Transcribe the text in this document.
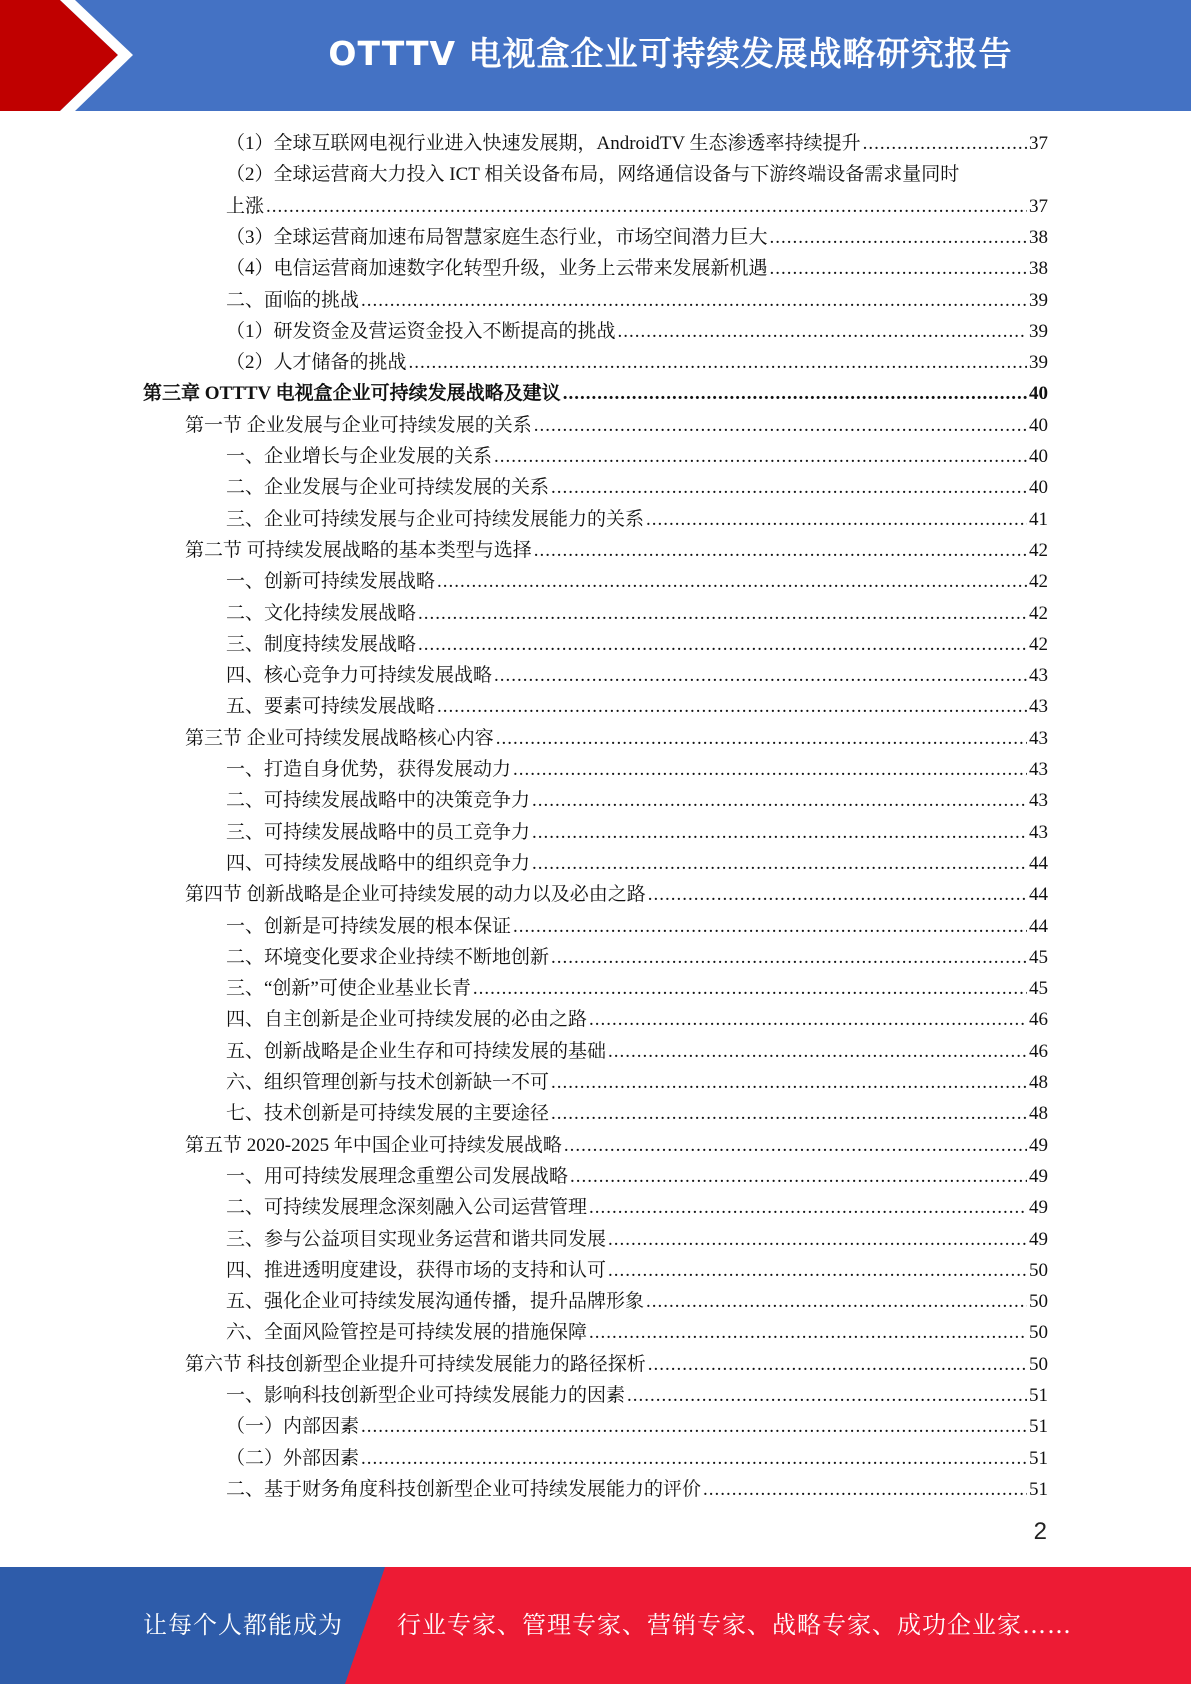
OTTTV 电视盒企业可持续发展战略研究报告
（1）全球互联网电视行业进入快速发展期，AndroidTV 生态渗透率持续提升 .....	37
（2）全球运营商大力投入 ICT 相关设备布局，网络通信设备与下游终端设备需求量同时
上涨 .....	37
（3）全球运营商加速布局智慧家庭生态行业，市场空间潜力巨大 .....	38
（4）电信运营商加速数字化转型升级，业务上云带来发展新机遇 .....	38
二、面临的挑战 .....	39
（1）研发资金及营运资金投入不断提高的挑战 .....	39
（2）人才储备的挑战 .....	39
第三章 OTTTV 电视盒企业可持续发展战略及建议 .....	40
第一节 企业发展与企业可持续发展的关系 .....	40
一、企业增长与企业发展的关系 .....	40
二、企业发展与企业可持续发展的关系 .....	40
三、企业可持续发展与企业可持续发展能力的关系 .....	41
第二节 可持续发展战略的基本类型与选择 .....	42
一、创新可持续发展战略 .....	42
二、文化持续发展战略 .....	42
三、制度持续发展战略 .....	42
四、核心竞争力可持续发展战略 .....	43
五、要素可持续发展战略 .....	43
第三节 企业可持续发展战略核心内容 .....	43
一、打造自身优势，获得发展动力 .....	43
二、可持续发展战略中的决策竞争力 .....	43
三、可持续发展战略中的员工竞争力 .....	43
四、可持续发展战略中的组织竞争力 .....	44
第四节 创新战略是企业可持续发展的动力以及必由之路 .....	44
一、创新是可持续发展的根本保证 .....	44
二、环境变化要求企业持续不断地创新 .....	45
三、“创新”可使企业基业长青 .....	45
四、自主创新是企业可持续发展的必由之路 .....	46
五、创新战略是企业生存和可持续发展的基础 .....	46
六、组织管理创新与技术创新缺一不可 .....	48
七、技术创新是可持续发展的主要途径 .....	48
第五节 2020-2025 年中国企业可持续发展战略 .....	49
一、用可持续发展理念重塑公司发展战略 .....	49
二、可持续发展理念深刻融入公司运营管理 .....	49
三、参与公益项目实现业务运营和谐共同发展 .....	49
四、推进透明度建设，获得市场的支持和认可 .....	50
五、强化企业可持续发展沟通传播，提升品牌形象 .....	50
六、全面风险管控是可持续发展的措施保障 .....	50
第六节 科技创新型企业提升可持续发展能力的路径探析 .....	50
一、影响科技创新型企业可持续发展能力的因素 .....	51
（一）内部因素 .....	51
（二）外部因素 .....	51
二、基于财务角度科技创新型企业可持续发展能力的评价 .....	51
2
让每个人都能成为 行业专家、管理专家、营销专家、战略专家、成功企业家……
